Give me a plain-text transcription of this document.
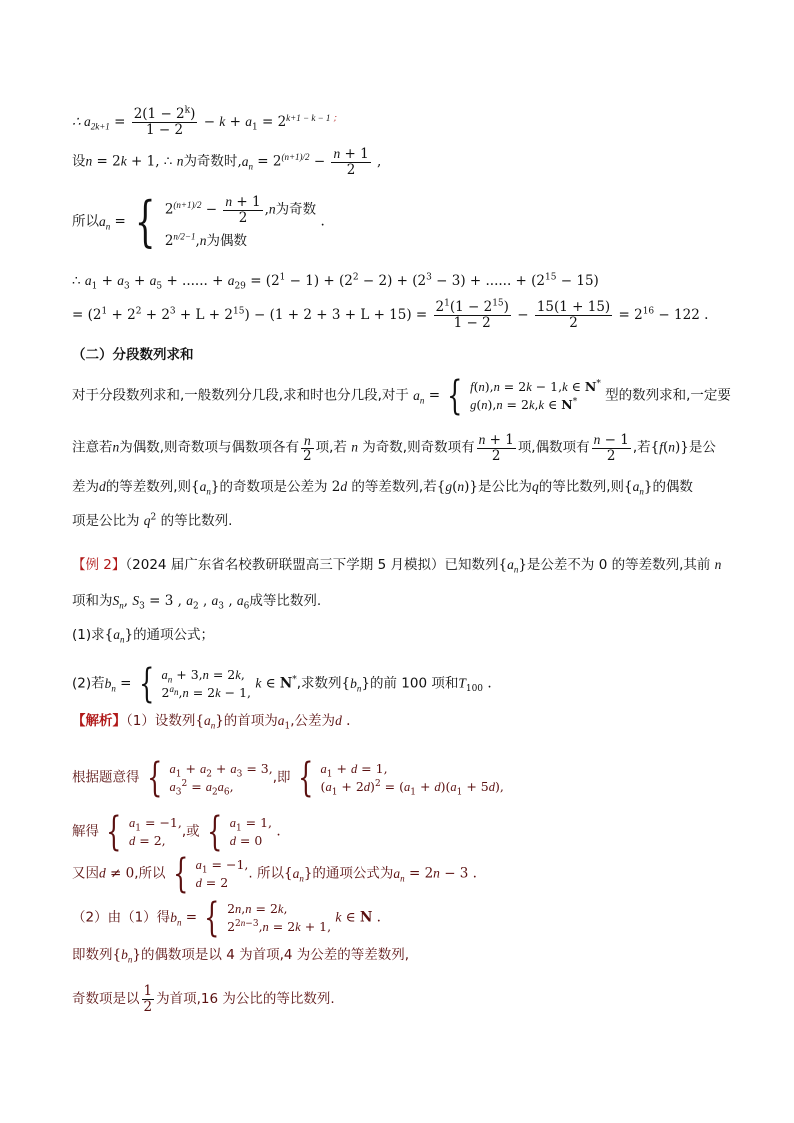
∴ $a_{2k+1} = \frac{2(1 - 2^k)}{1 - 2} - k + a_1 = 2^{k+1 - k - 1 ;}$
设n = 2k + 1, ∴ n为奇数时$,a_n = 2^{(n+1)/2} - \frac{n + 1}{2}$ ,
所以$a_n$ = { $2^{(n+1)/2} - \frac{n + 1}{2} ,n$为奇数
$2^{n/2-1},n$为偶数
.
∴ $a_1 + a_3 + a_5$ + ...... + $a_{29} = (2^1 - 1) + (2^2 - 2) + (2^3 - 3)$ + ...... + $(2^{15} - 15)$
= $(2^1 + 2^2 + 2^3 + L + 2^{15}) - (1 + 2 + 3 + L + 15) = \frac{2^1(1 - 2^{15})}{1 - 2} - \frac{15(1 + 15)}{2} = 2^{16} - 122$ .
（二）分段数列求和
对于分段数列求和,一般数列分几段,求和时也分几段,对于 $a_n$ = { f(n),n = 2k − 1,k ∈ N*
g(n),n = 2k,k ∈ N*	型的数列求和,一定要
注意若n为偶数,则奇数项与偶数项各有 $\frac{n}{2}$ 项,若 n 为奇数,则奇数项有 $\frac{n + 1}{2}$ 项,偶数项有 $\frac{n - 1}{2}$ ,若{f(n)}是公
差为d的等差数列,则$\{a_n\}$的奇数项是公差为 2d 的等差数列,若{g(n)}是公比为q的等比数列,则$\{a_n\}$的偶数
项是公比为 $q^2$ 的等比数列.
【例 2】（2024 届广东省名校教研联盟高三下学期 5 月模拟）已知数列$\{a_n\}$是公差不为 0 的等差数列,其前 n
项和为$S_n$, $S_3 = 3$ , $a_2$ , $a_3$ , $a_6$成等比数列.
(1)求$\{a_n\}$的通项公式；
(2)若$b_n$ = { $a_n + 3,n = 2k$,
$2^{a_n},n = 2k - 1$,
k ∈ N*,求数列$\{b_n\}$的前 100 项和$T_{100}$ .
【解析】（1）设数列$\{a_n\}$的首项为$a_1$,公差为d .
根据题意得 { $a_1 + a_2 + a_3 = 3$,
$a_3^2 = a_2a_6$,
,即 { $a_1 + d = 1$,
$(a_1 + 2d)^2 = (a_1 + d)(a_1 + 5d)$,
解得 { $a_1 = -1$,
d = 2,
,或 { $a_1 = 1$,
d = 0
.
又因d ≠ 0,所以 { $a_1 = -1$,
d = 2
. 所以$\{a_n\}$的通项公式为$a_n = 2n - 3$ .
（2）由（1）得$b_n$ = { 2n,n = 2k,
$2^{2n-3},n = 2k + 1$,
k ∈ N .
即数列$\{b_n\}$的偶数项是以 4 为首项,4 为公差的等差数列,
奇数项是以 $\frac{1}{2}$ 为首项,16 为公比的等比数列.
